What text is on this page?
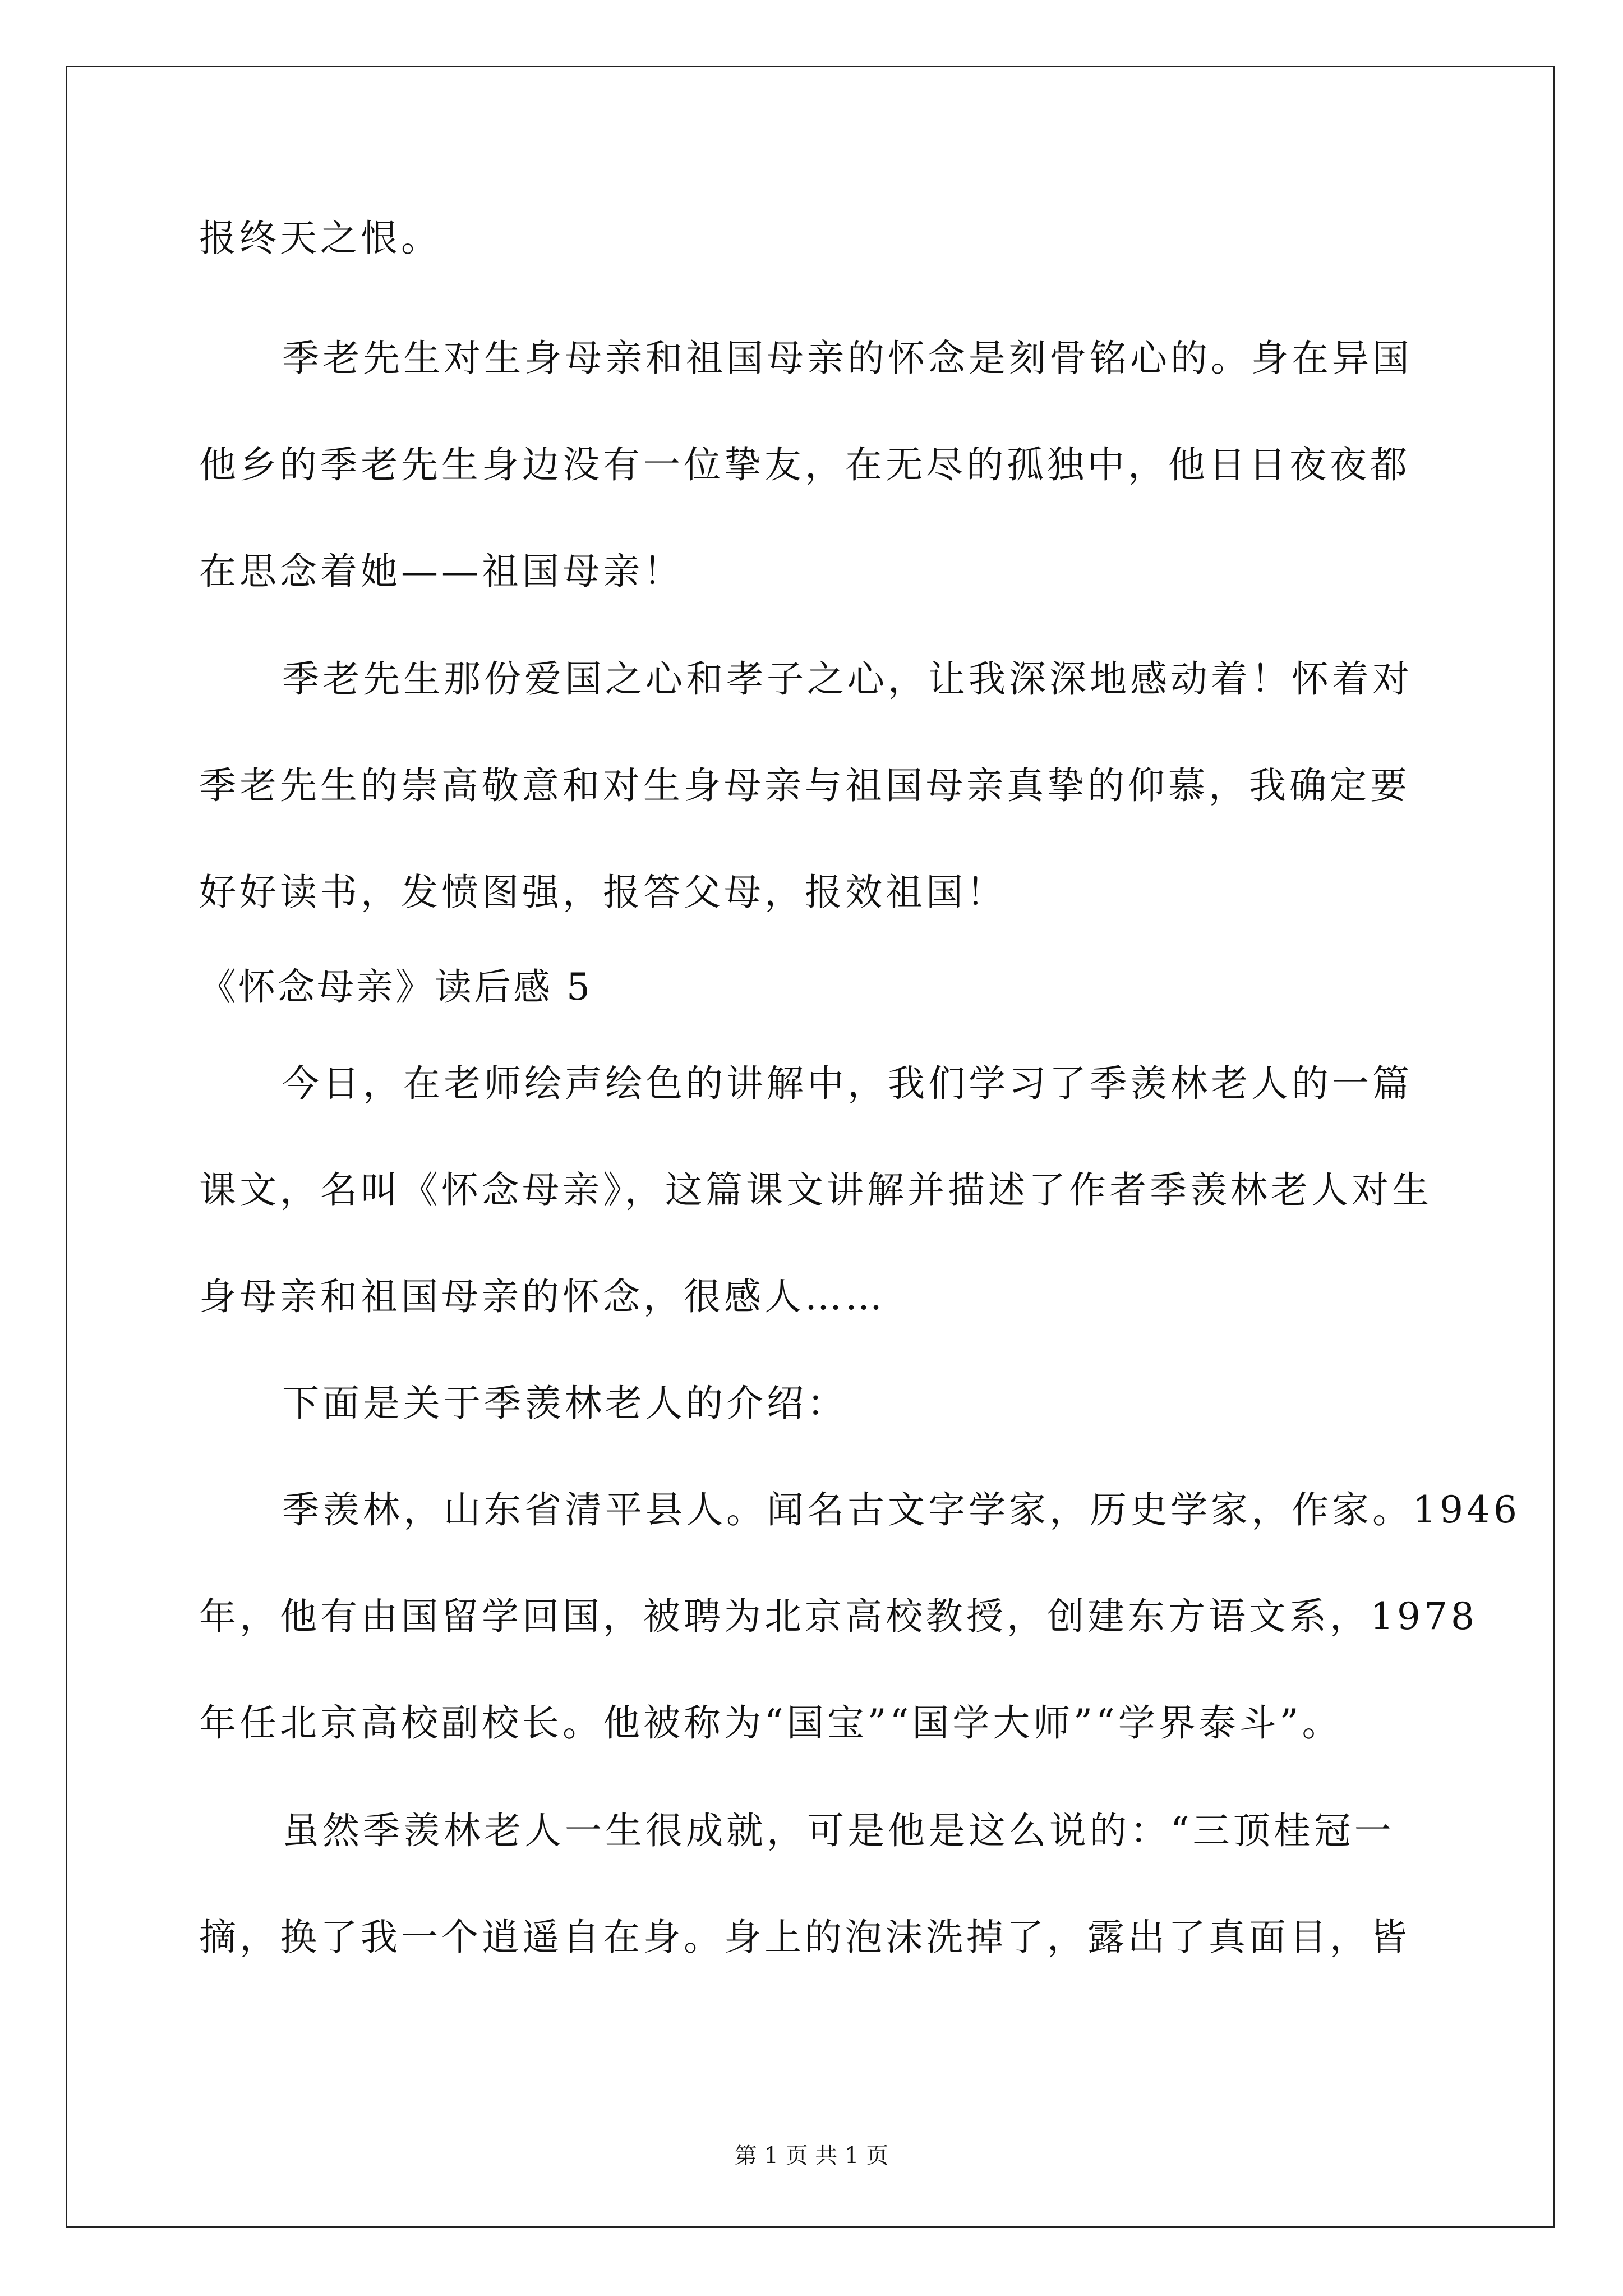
报终天之恨。
季老先生对生身母亲和祖国母亲的怀念是刻骨铭心的。身在异国
他乡的季老先生身边没有一位挚友，在无尽的孤独中，他日日夜夜都
在思念着她——祖国母亲！
季老先生那份爱国之心和孝子之心，让我深深地感动着！怀着对
季老先生的崇高敬意和对生身母亲与祖国母亲真挚的仰慕，我确定要
好好读书，发愤图强，报答父母，报效祖国！
《怀念母亲》读后感 5
今日，在老师绘声绘色的讲解中，我们学习了季羡林老人的一篇
课文，名叫《怀念母亲》，这篇课文讲解并描述了作者季羡林老人对生
身母亲和祖国母亲的怀念，很感人……
下面是关于季羡林老人的介绍：
季羡林，山东省清平县人。闻名古文字学家，历史学家，作家。1946
年，他有由国留学回国，被聘为北京高校教授，创建东方语文系，1978
年任北京高校副校长。他被称为“国宝”“国学大师”“学界泰斗”。
虽然季羡林老人一生很成就，可是他是这么说的：“三顶桂冠一
摘，换了我一个逍遥自在身。身上的泡沫洗掉了，露出了真面目，皆
第 1 页 共 1 页
